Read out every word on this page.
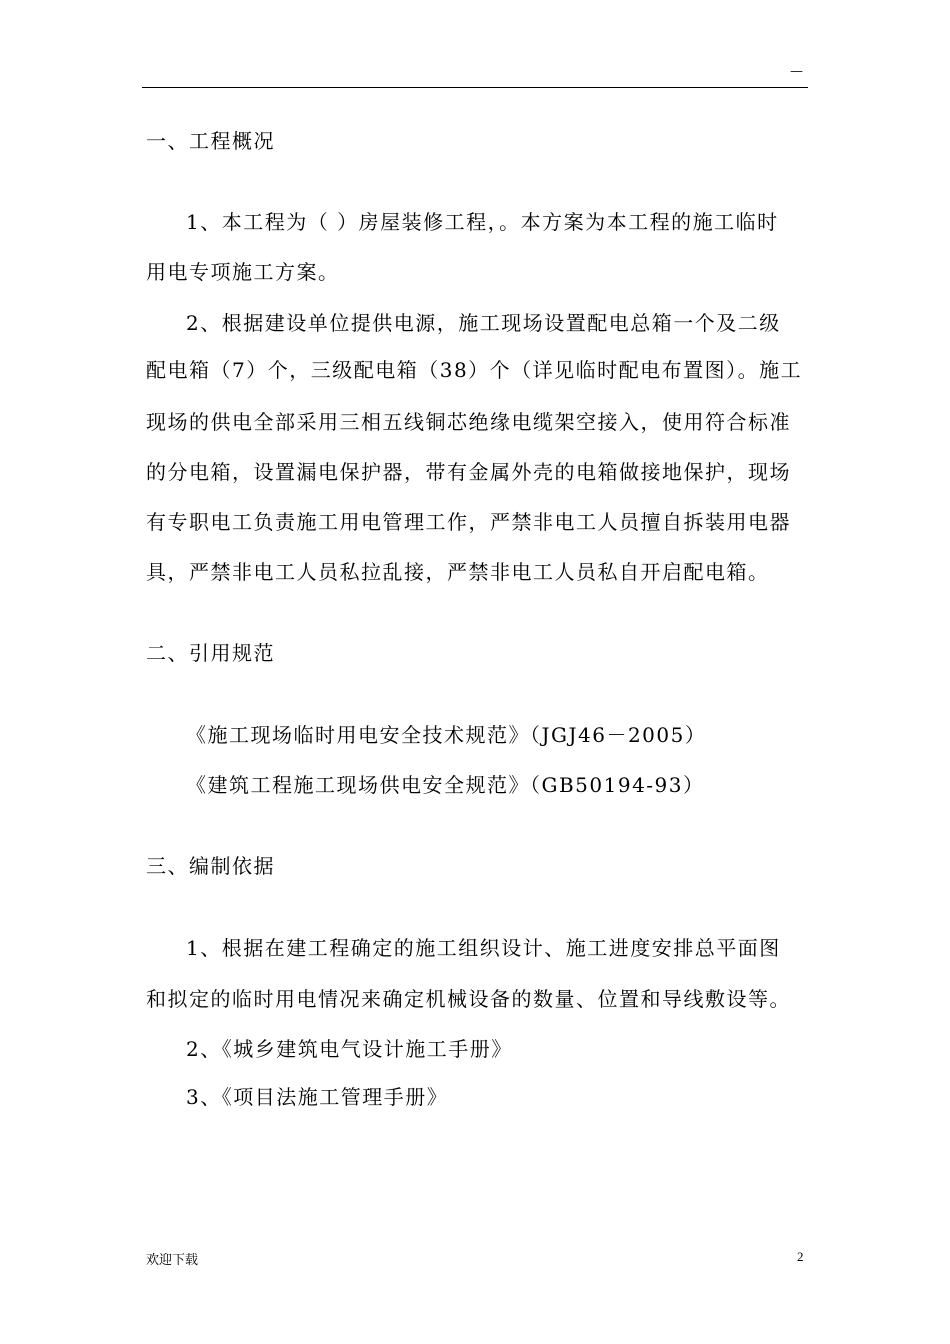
—
一、工程概况
1、本工程为（ ）房屋装修工程，。本方案为本工程的施工临时
用电专项施工方案。
2、根据建设单位提供电源，施工现场设置配电总箱一个及二级
配电箱（7）个，三级配电箱（38）个（详见临时配电布置图）。施工
现场的供电全部采用三相五线铜芯绝缘电缆架空接入，使用符合标准
的分电箱，设置漏电保护器，带有金属外壳的电箱做接地保护，现场
有专职电工负责施工用电管理工作，严禁非电工人员擅自拆装用电器
具，严禁非电工人员私拉乱接，严禁非电工人员私自开启配电箱。
二、引用规范
《施工现场临时用电安全技术规范》（JGJ46－2005）
《建筑工程施工现场供电安全规范》（GB50194-93）
三、编制依据
1、根据在建工程确定的施工组织设计、施工进度安排总平面图
和拟定的临时用电情况来确定机械设备的数量、位置和导线敷设等。
2、《城乡建筑电气设计施工手册》
3、《项目法施工管理手册》
欢迎下载	2
